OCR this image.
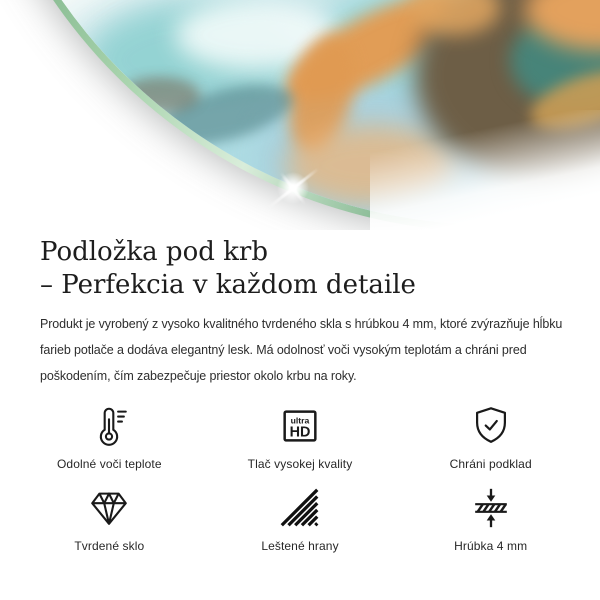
Podložka pod krb
– Perfekcia v každom detaile

Produkt je vyrobený z vysoko kvalitného tvrdeného skla s hrúbkou 4 mm, ktoré zvýrazňuje hĺbku
farieb potlače a dodáva elegantný lesk. Má odolnosť voči vysokým teplotám a chráni pred
poškodením, čím zabezpečuje priestor okolo krbu na roky.

Odolné voči teplote
ultra
HD
Tlač vysokej kvality	Chráni podklad
Tvrdené sklo	Leštené hrany	Hrúbka 4 mm
